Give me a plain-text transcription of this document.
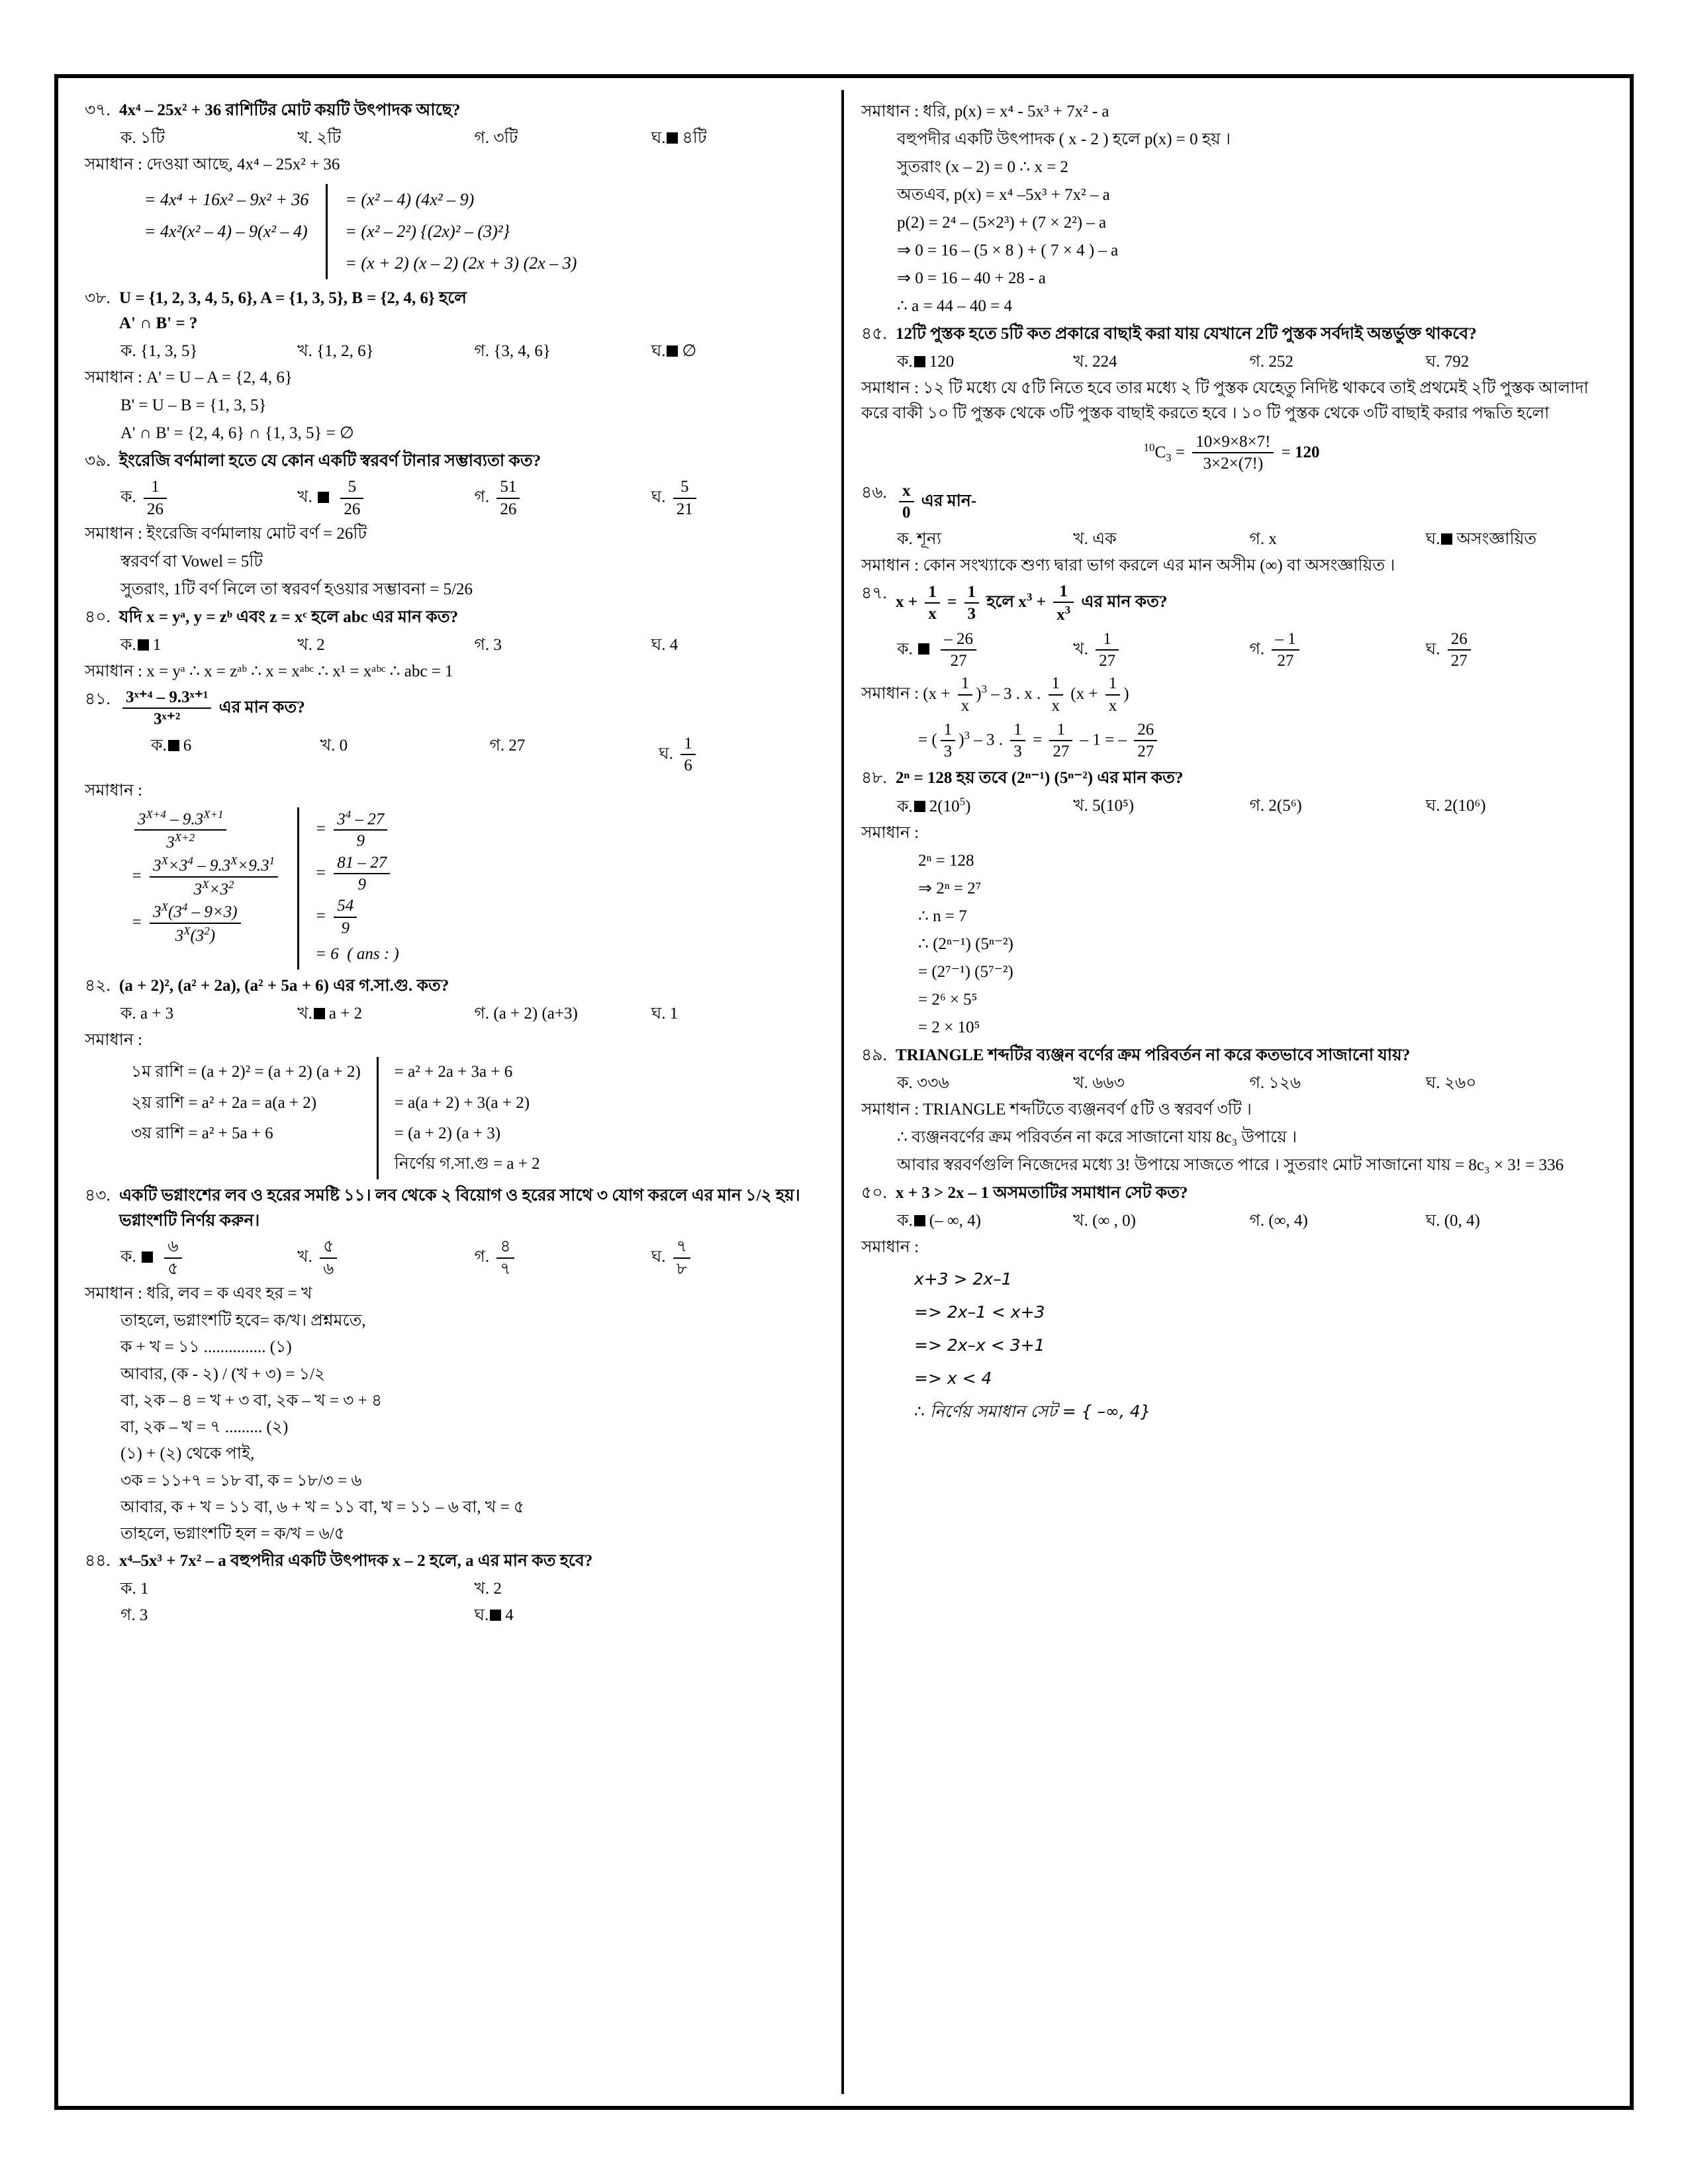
৩৭. 4x⁴ – 25x² + 36 রাশিটির মোট কয়টি উৎপাদক আছে?
ক. ১টি	খ. ২টি	গ. ৩টি	ঘ. ৪টি
সমাধান : দেওয়া আছে, 4x⁴ – 25x² + 36
= 4x⁴ + 16x² – 9x² + 36
= 4x²(x² – 4) – 9(x² – 4)
= (x² – 4) (4x² – 9)
= (x² – 2²) {(2x)² – (3)²}
= (x + 2) (x – 2) (2x + 3) (2x – 3)
৩৮. U = {1, 2, 3, 4, 5, 6}, A = {1, 3, 5}, B = {2, 4, 6} হলে
A' ∩ B' = ?
ক. {1, 3, 5}	খ. {1, 2, 6}	গ. {3, 4, 6}	ঘ. ∅
সমাধান : A' = U – A = {2, 4, 6}
B' = U – B = {1, 3, 5}
A' ∩ B' = {2, 4, 6} ∩ {1, 3, 5} = ∅
৩৯. ইংরেজি বর্ণমালা হতে যে কোন একটি স্বরবর্ণ টানার সম্ভাব্যতা কত?
ক. $\frac{1}{26}$	খ. $\frac{5}{26}$	গ. $\frac{51}{26}$	ঘ. $\frac{5}{21}$
সমাধান : ইংরেজি বর্ণমালায় মোট বর্ণ = 26টি
স্বরবর্ণ বা Vowel = 5টি
সুতরাং, 1টি বর্ণ নিলে তা স্বরবর্ণ হওয়ার সম্ভাবনা = 5/26
৪০. যদি x = yᵃ, y = zᵇ এবং z = xᶜ হলে abc এর মান কত?
ক. 1	খ. 2	গ. 3	ঘ. 4
সমাধান : x = yᵃ ∴ x = zᵃᵇ ∴ x = xᵃᵇᶜ ∴ x¹ = xᵃᵇᶜ ∴ abc = 1
৪১. $\frac{\text{3ˣ⁺⁴ – 9.3ˣ⁺¹}}{\text{3ˣ⁺²}}$ এর মান কত?
ক. 6	খ. 0	গ. 27	ঘ. $\frac{1}{6}$
সমাধান :
$\frac{3^{X+4} - 9.3^{X+1}}{3^{X+2}}$
= $\frac{3^X\times 3^4 - 9.3^X\times 9.3^1}{3^X\times 3^2}$
= $\frac{3^X(3^4 - 9\times 3)}{3^X(3^2)}$
= $\frac{3^4 - 27}{9}$
= $\frac{81 - 27}{9}$
= $\frac{54}{9}$
= 6  ( ans : )
৪২. (a + 2)², (a² + 2a), (a² + 5a + 6) এর গ.সা.গু. কত?
ক. a + 3	খ. a + 2	গ. (a + 2) (a+3)	ঘ. 1
সমাধান :
১ম রাশি = (a + 2)² = (a + 2) (a + 2)
২য় রাশি = a² + 2a = a(a + 2)
৩য় রাশি = a² + 5a + 6
= a² + 2a + 3a + 6
= a(a + 2) + 3(a + 2)
= (a + 2) (a + 3)
নির্ণেয় গ.সা.গু = a + 2
৪৩. একটি ভগ্নাংশের লব ও হরের সমষ্টি ১১। লব থেকে ২ বিয়োগ ও হরের সাথে ৩ যোগ করলে এর মান ১/২ হয়। ভগ্নাংশটি নির্ণয় করুন।
ক. $\frac{৬}{৫}$	খ. $\frac{৫}{৬}$	গ. $\frac{৪}{৭}$	ঘ. $\frac{৭}{৮}$
সমাধান : ধরি, লব = ক এবং হর = খ
তাহলে, ভগ্নাংশটি হবে= ক/খ। প্রশ্নমতে,
ক + খ = ১১ ............... (১)
আবার, (ক - ২) / (খ + ৩) = ১/২
বা, ২ক – ৪ = খ + ৩ বা, ২ক – খ = ৩ + ৪
বা, ২ক – খ = ৭ ......... (২)
(১) + (২) থেকে পাই,
৩ক = ১১+৭ = ১৮ বা, ক = ১৮/৩ = ৬
আবার, ক + খ = ১১ বা, ৬ + খ = ১১ বা, খ = ১১ – ৬ বা, খ = ৫
তাহলে, ভগ্নাংশটি হল = ক/খ = ৬/৫
৪৪. x⁴–5x³ + 7x² – a বহুপদীর একটি উৎপাদক x – 2 হলে, a এর মান কত হবে?
ক. 1	খ. 2
গ. 3	ঘ. 4
সমাধান : ধরি, p(x) = x⁴ - 5x³ + 7x² - a
বহুপদীর একটি উৎপাদক ( x - 2 ) হলে p(x) = 0 হয় ।
সুতরাং (x – 2) = 0 ∴ x = 2
অতএব, p(x) = x⁴ –5x³ + 7x² – a
p(2) = 2⁴ – (5×2³) + (7 × 2²) – a
⇒ 0 = 16 – (5 × 8 ) + ( 7 × 4 ) – a
⇒ 0 = 16 – 40 + 28 - a
∴ a = 44 – 40 = 4
৪৫. 12টি পুস্তক হতে 5টি কত প্রকারে বাছাই করা যায় যেখানে 2টি পুস্তক সর্বদাই অন্তর্ভুক্ত থাকবে?
ক. 120	খ. 224	গ. 252	ঘ. 792
সমাধান : ১২ টি মধ্যে যে ৫টি নিতে হবে তার মধ্যে ২ টি পুস্তক যেহেতু নিদিষ্ট থাকবে তাই প্রথমেই ২টি পুস্তক আলাদা করে বাকী ১০ টি পুস্তক থেকে ৩টি পুস্তক বাছাই করতে হবে । ১০ টি পুস্তক থেকে ৩টি বাছাই করার পদ্ধতি হলো
$^{10}C_3 = \frac{10\times 9\times 8\times 7!}{3\times 2\times(7!)} = 120$
৪৬. $\frac{x}{0}$ এর মান-
ক. শূন্য	খ. এক	গ. x	ঘ. অসংজ্ঞায়িত
সমাধান : কোন সংখ্যাকে শুণ্য দ্বারা ভাগ করলে এর মান অসীম (∞) বা অসংজ্ঞায়িত ।
৪৭.
$x + \frac{1}{x} = \frac{1}{3}$ হলে $x^3 + \frac{1}{x^3}$ এর মান কত?
ক. $\frac{- 26}{27}$	খ. $\frac{1}{27}$	গ. $\frac{- 1}{27}$	ঘ. $\frac{26}{27}$
সমাধান : $(x + \frac{1}{x} )^3 - 3$ . x . $\frac{1}{x} (x + \frac{1}{x}$ )
= ( $\frac{1}{3} )^3 - 3$ . $\frac{1}{3} = \frac{1}{27} - 1$ = – $\frac{26}{27}$
৪৮. 2ⁿ = 128 হয় তবে (2ⁿ⁻¹) (5ⁿ⁻²) এর মান কত?
ক. $2(10^5)$	খ. 5(10⁵)	গ. 2(5⁶)	ঘ. 2(10⁶)
সমাধান :
2ⁿ = 128
⇒ 2ⁿ = 2⁷
∴ n = 7
∴ (2ⁿ⁻¹) (5ⁿ⁻²)
= (2⁷⁻¹) (5⁷⁻²)
= 2⁶ × 5⁵
= 2 × 10⁵
৪৯. TRIANGLE শব্দটির ব্যঞ্জন বর্ণের ক্রম পরিবর্তন না করে কতভাবে সাজানো যায়?
ক. ৩৩৬	খ. ৬৬৩	গ. ১২৬	ঘ. ২৬০
সমাধান : TRIANGLE শব্দটিতে ব্যঞ্জনবর্ণ ৫টি ও স্বরবর্ণ ৩টি ।
∴ ব্যঞ্জনবর্ণের ক্রম পরিবর্তন না করে সাজানো যায় 8c₃ উপায়ে ।
আবার স্বরবর্ণগুলি নিজেদের মধ্যে 3! উপায়ে সাজতে পারে । সুতরাং মোট সাজানো যায় = 8c₃ × 3! = 336
৫০. x + 3 > 2x – 1 অসমতাটির সমাধান সেট কত?
ক. (– ∞, 4)	খ. (∞ , 0)	গ. (∞, 4)	ঘ. (0, 4)
সমাধান :
x+3 > 2x–1
=> 2x–1 < x+3
=> 2x–x < 3+1
=> x < 4
∴ নির্ণেয় সমাধান সেট = { –∞, 4}
